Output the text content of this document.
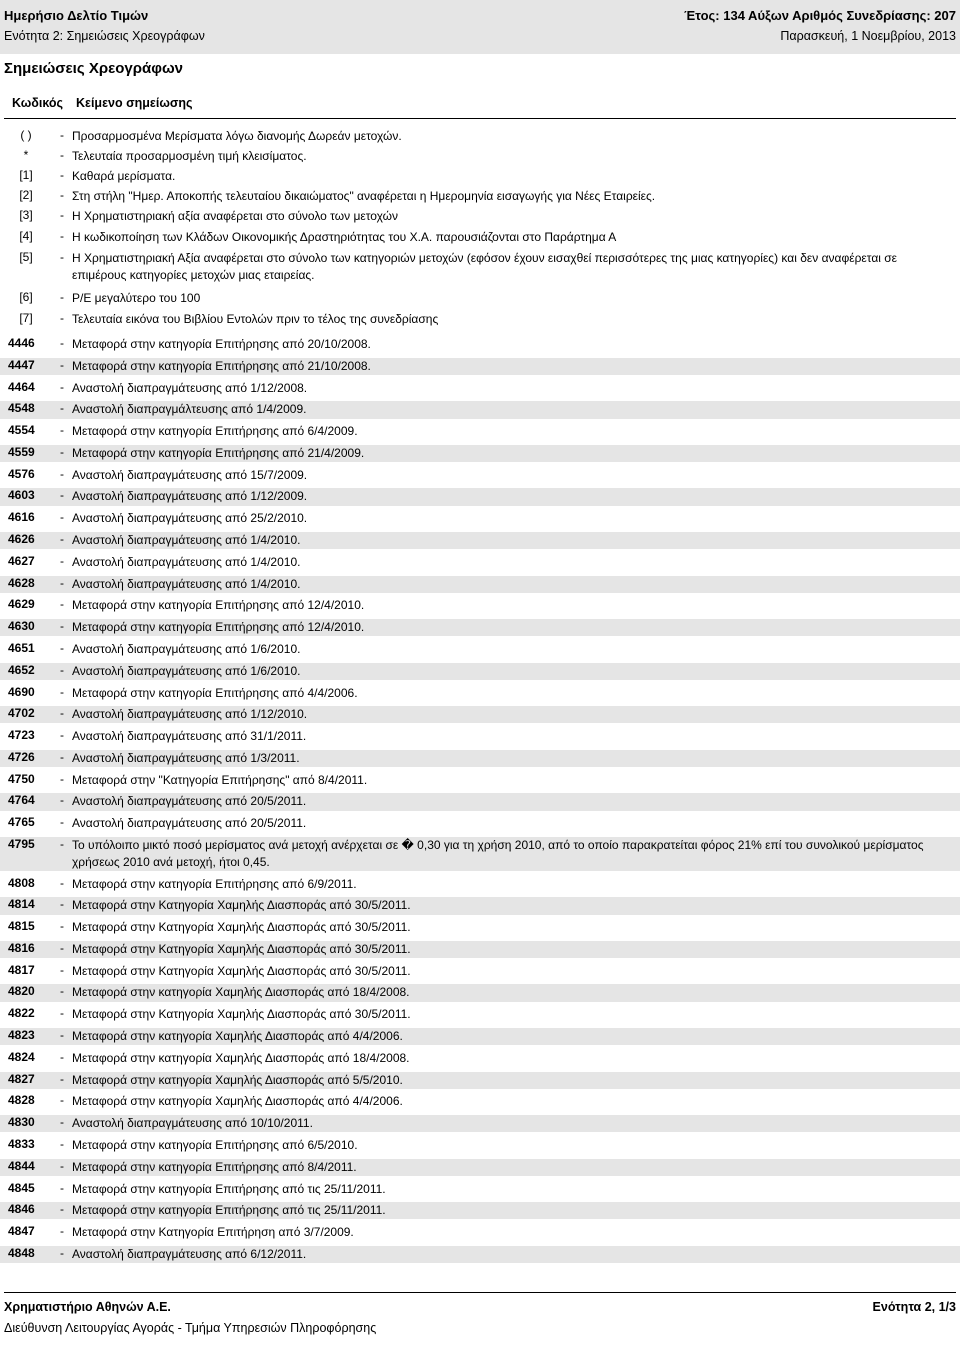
Ημερήσιο Δελτίο Τιμών	Έτος: 134 Αύξων Αριθμός Συνεδρίασης: 207
Ενότητα 2: Σημειώσεις Χρεογράφων	Παρασκευή, 1 Νοεμβρίου, 2013
Σημειώσεις Χρεογράφων
Κωδικός Κείμενο σημείωσης
( )	- Προσαρμοσμένα Μερίσματα λόγω διανομής Δωρεάν μετοχών.
*	- Τελευταία προσαρμοσμένη τιμή κλεισίματος.
[1]	- Καθαρά μερίσματα.
[2]	- Στη στήλη "Ημερ. Αποκοπής τελευταίου δικαιώματος" αναφέρεται η Ημερομηνία εισαγωγής για Νέες Εταιρείες.
[3]	- Η Χρηματιστηριακή αξία αναφέρεται στο σύνολο των μετοχών
[4]	- Η κωδικοποίηση των Κλάδων Οικονομικής Δραστηριότητας του Χ.Α. παρουσιάζονται στο Παράρτημα Α
[5]	- Η Χρηματιστηριακή Αξία αναφέρεται στο σύνολο των κατηγοριών μετοχών (εφόσον έχουν εισαχθεί περισσότερες της μιας κατηγορίες) και δεν αναφέρεται σε επιμέρους κατηγορίες μετοχών μιας εταιρείας.
[6]	- P/E μεγαλύτερο του 100
[7]	- Τελευταία εικόνα του Βιβλίου Εντολών πριν το τέλος της συνεδρίασης
4446	- Μεταφορά στην κατηγορία Επιτήρησης από 20/10/2008.
4447	- Μεταφορά στην κατηγορία Επιτήρησης από 21/10/2008.
4464	- Αναστολή διαπραγμάτευσης από 1/12/2008.
4548	- Αναστολή διαπραγμάλτευσης από 1/4/2009.
4554	- Μεταφορά στην κατηγορία Επιτήρησης από 6/4/2009.
4559	- Μεταφορά στην κατηγορία Επιτήρησης από 21/4/2009.
4576	- Αναστολή διαπραγμάτευσης από 15/7/2009.
4603	- Αναστολή διαπραγμάτευσης από 1/12/2009.
4616	- Αναστολή διαπραγμάτευσης από 25/2/2010.
4626	- Αναστολή διαπραγμάτευσης από 1/4/2010.
4627	- Αναστολή διαπραγμάτευσης από 1/4/2010.
4628	- Αναστολή διαπραγμάτευσης από 1/4/2010.
4629	- Μεταφορά στην κατηγορία Επιτήρησης από 12/4/2010.
4630	- Μεταφορά στην κατηγορία Επιτήρησης από 12/4/2010.
4651	- Αναστολή διαπραγμάτευσης από 1/6/2010.
4652	- Αναστολή διαπραγμάτευσης από 1/6/2010.
4690	- Μεταφορά στην κατηγορία Επιτήρησης από 4/4/2006.
4702	- Αναστολή διαπραγμάτευσης από 1/12/2010.
4723	- Αναστολή διαπραγμάτευσης από 31/1/2011.
4726	- Αναστολή διαπραγμάτευσης από 1/3/2011.
4750	- Μεταφορά στην "Κατηγορία Επιτήρησης" από 8/4/2011.
4764	- Αναστολή διαπραγμάτευσης από 20/5/2011.
4765	- Αναστολή διαπραγμάτευσης από 20/5/2011.
4795	- Το υπόλοιπο μικτό ποσό μερίσματος ανά μετοχή ανέρχεται σε � 0,30 για τη χρήση 2010, από το οποίο παρακρατείται φόρος 21% επί του συνολικού μερίσματος χρήσεως 2010 ανά μετοχή, ήτοι 0,45.
4808	- Μεταφορά στην κατηγορία Επιτήρησης από 6/9/2011.
4814	- Μεταφορά στην Κατηγορία Χαμηλής Διασποράς από 30/5/2011.
4815	- Μεταφορά στην Κατηγορία Χαμηλής Διασποράς από 30/5/2011.
4816	- Μεταφορά στην Κατηγορία Χαμηλής Διασποράς από 30/5/2011.
4817	- Μεταφορά στην Κατηγορία Χαμηλής Διασποράς από 30/5/2011.
4820	- Μεταφορά στην κατηγορία Χαμηλής Διασποράς από 18/4/2008.
4822	- Μεταφορά στην Κατηγορία Χαμηλής Διασποράς από 30/5/2011.
4823	- Μεταφορά στην κατηγορία Χαμηλής Διασποράς από 4/4/2006.
4824	- Μεταφορά στην κατηγορία Χαμηλής Διασποράς από 18/4/2008.
4827	- Μεταφορά στην κατηγορία Χαμηλής Διασποράς από 5/5/2010.
4828	- Μεταφορά στην κατηγορία Χαμηλής Διασποράς από 4/4/2006.
4830	- Αναστολή διαπραγμάτευσης από 10/10/2011.
4833	- Μεταφορά στην κατηγορία Επιτήρησης από 6/5/2010.
4844	- Μεταφορά στην κατηγορία Επιτήρησης από 8/4/2011.
4845	- Μεταφορά στην κατηγορία Επιτήρησης από τις 25/11/2011.
4846	- Μεταφορά στην κατηγορία Επιτήρησης από τις 25/11/2011.
4847	- Μεταφορά στην Κατηγορία Επιτήρηση από 3/7/2009.
4848	- Αναστολή διαπραγμάτευσης από 6/12/2011.
Χρηματιστήριο Αθηνών Α.Ε.	Ενότητα 2, 1/3
Διεύθυνση Λειτουργίας Αγοράς - Τμήμα Υπηρεσιών Πληροφόρησης
